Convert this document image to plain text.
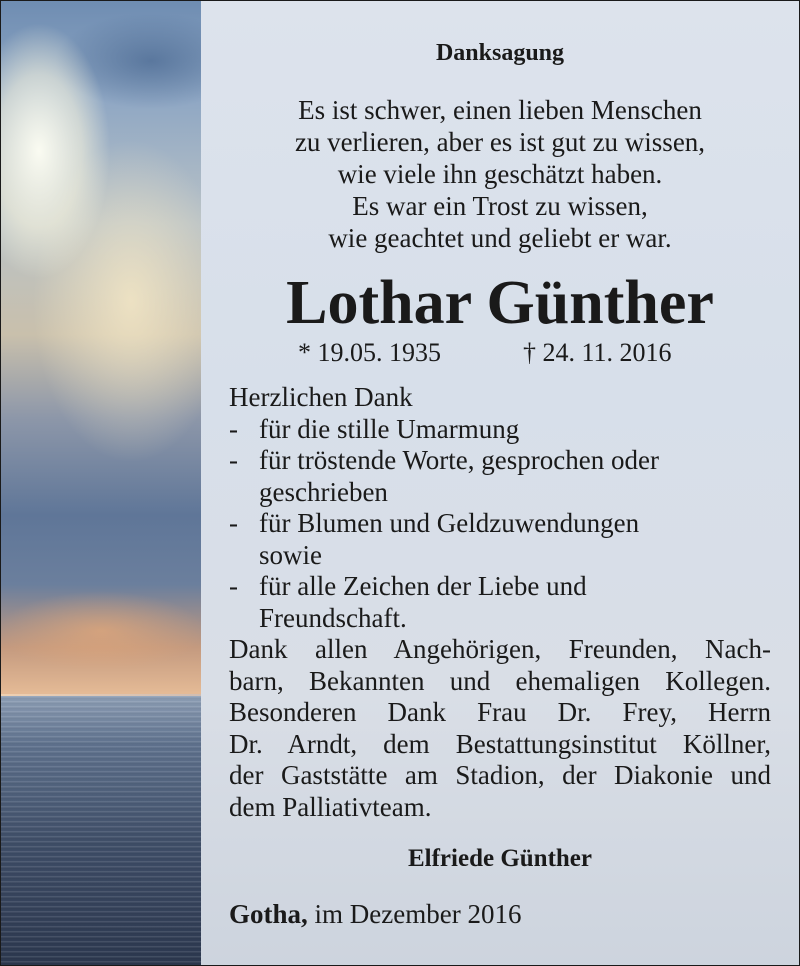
Danksagung
Es ist schwer, einen lieben Menschen
zu verlieren, aber es ist gut zu wissen,
wie viele ihn geschätzt haben.
Es war ein Trost zu wissen,
wie geachtet und geliebt er war.
Lothar Günther
* 19.05. 1935	† 24. 11. 2016
Herzlichen Dank
- für die stille Umarmung
- für tröstende Worte, gesprochen oder
geschrieben
- für Blumen und Geldzuwendungen
sowie
- für alle Zeichen der Liebe und
Freundschaft.
Dank allen Angehörigen, Freunden, Nach-
barn, Bekannten und ehemaligen Kollegen.
Besonderen Dank Frau Dr. Frey, Herrn
Dr. Arndt, dem Bestattungsinstitut Köllner,
der Gaststätte am Stadion, der Diakonie und
dem Palliativteam.
Elfriede Günther
Gotha, im Dezember 2016
